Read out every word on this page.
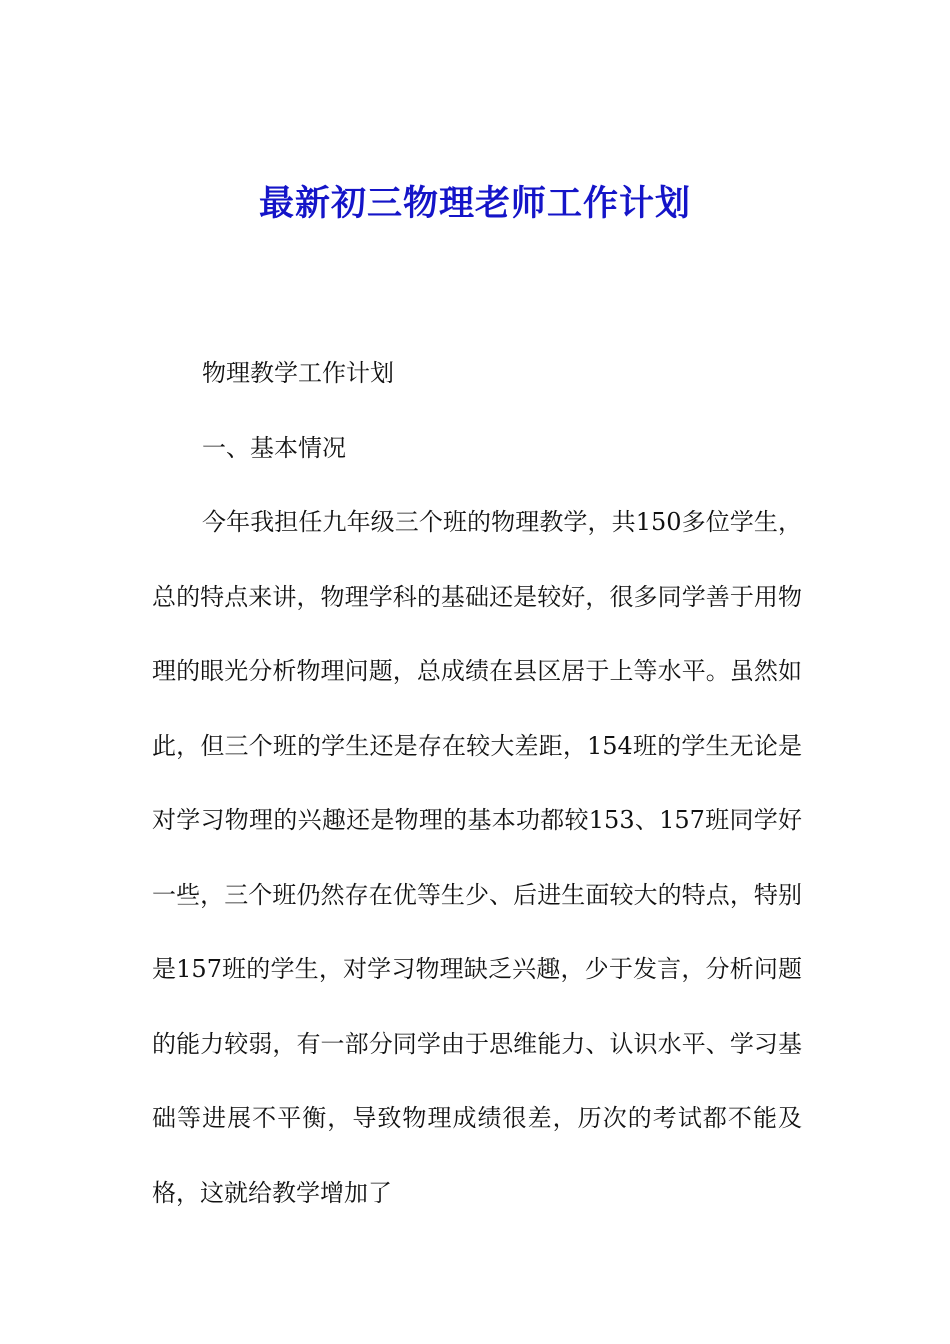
最新初三物理老师工作计划

物理教学工作计划

一、基本情况

今年我担任九年级三个班的物理教学，共150多位学生，总的特点来讲，物理学科的基础还是较好，很多同学善于用物理的眼光分析物理问题，总成绩在县区居于上等水平。虽然如此，但三个班的学生还是存在较大差距，154班的学生无论是对学习物理的兴趣还是物理的基本功都较153、157班同学好一些，三个班仍然存在优等生少、后进生面较大的特点，特别是157班的学生，对学习物理缺乏兴趣，少于发言，分析问题的能力较弱，有一部分同学由于思维能力、认识水平、学习基础等进展不平衡，导致物理成绩很差，历次的考试都不能及格，这就给教学增加了
